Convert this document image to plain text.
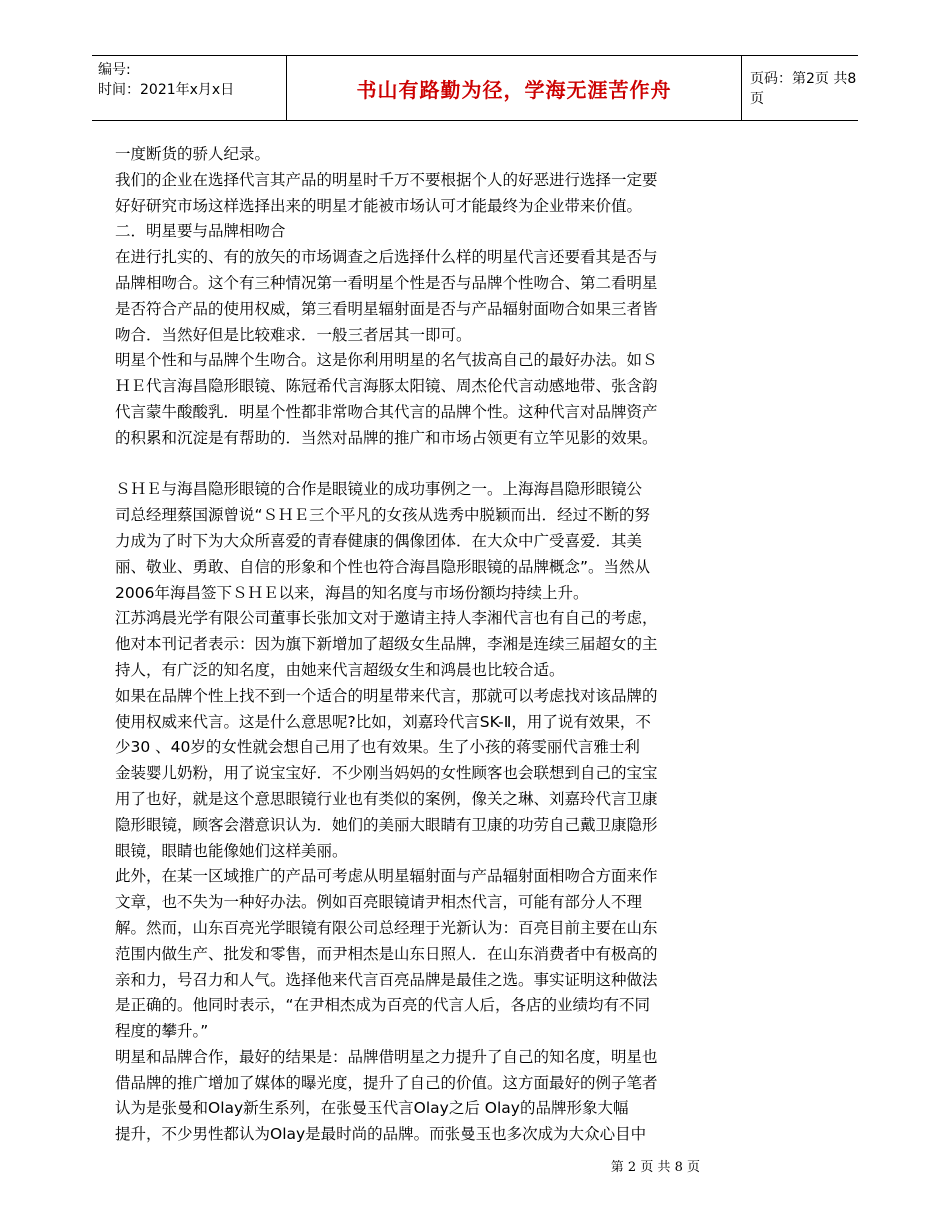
编号:
时间：2021年x月x日	书山有路勤为径，学海无涯苦作舟	页码：第2页 共8页

一度断货的骄人纪录。

我们的企业在选择代言其产品的明星时千万不要根据个人的好恶进行选择一定要

好好研究市场这样选择出来的明星才能被市场认可才能最终为企业带来价值。

二．明星要与品牌相吻合

在进行扎实的、有的放矢的市场调查之后选择什么样的明星代言还要看其是否与

品牌相吻合。这个有三种情况第一看明星个性是否与品牌个性吻合、第二看明星

是否符合产品的使用权威，第三看明星辐射面是否与产品辐射面吻合如果三者皆

吻合．当然好但是比较难求．一般三者居其一即可。

明星个性和与品牌个生吻合。这是你利用明星的名气拔高自己的最好办法。如Ｓ

ＨＥ代言海昌隐形眼镜、陈冠希代言海豚太阳镜、周杰伦代言动感地带、张含韵

代言蒙牛酸酸乳．明星个性都非常吻合其代言的品牌个性。这种代言对品牌资产

的积累和沉淀是有帮助的．当然对品牌的推广和市场占领更有立竿见影的效果。

ＳＨＥ与海昌隐形眼镜的合作是眼镜业的成功事例之一。上海海昌隐形眼镜公

司总经理蔡国源曾说“ＳＨＥ三个平凡的女孩从选秀中脱颖而出．经过不断的努

力成为了时下为大众所喜爱的青春健康的偶像团体．在大众中广受喜爱．其美

丽、敬业、勇敢、自信的形象和个性也符合海昌隐形眼镜的品牌概念”。当然从

2006年海昌签下ＳＨＥ以来，海昌的知名度与市场份额均持续上升。

江苏鸿晨光学有限公司董事长张加文对于邀请主持人李湘代言也有自己的考虑，

他对本刊记者表示：因为旗下新增加了超级女生品牌，李湘是连续三届超女的主

持人，有广泛的知名度，由她来代言超级女生和鸿晨也比较合适。

如果在品牌个性上找不到一个适合的明星带来代言，那就可以考虑找对该品牌的

使用权威来代言。这是什么意思呢?比如，刘嘉玲代言SK-Ⅱ，用了说有效果，不

少30 、40岁的女性就会想自己用了也有效果。生了小孩的蒋雯丽代言雅士利

金装婴儿奶粉，用了说宝宝好．不少刚当妈妈的女性顾客也会联想到自己的宝宝

用了也好，就是这个意思眼镜行业也有类似的案例，像关之琳、刘嘉玲代言卫康

隐形眼镜，顾客会潜意识认为．她们的美丽大眼睛有卫康的功劳自己戴卫康隐形

眼镜，眼睛也能像她们这样美丽。

此外，在某一区域推广的产品可考虑从明星辐射面与产品辐射面相吻合方面来作

文章，也不失为一种好办法。例如百亮眼镜请尹相杰代言，可能有部分人不理

解。然而，山东百亮光学眼镜有限公司总经理于光新认为：百亮目前主要在山东

范围内做生产、批发和零售，而尹相杰是山东日照人．在山东消费者中有极高的

亲和力，号召力和人气。选择他来代言百亮品牌是最佳之选。事实证明这种做法

是正确的。他同时表示，“在尹相杰成为百亮的代言人后，各店的业绩均有不同

程度的攀升。”

明星和品牌合作，最好的结果是：品牌借明星之力提升了自己的知名度，明星也

借品牌的推广增加了媒体的曝光度，提升了自己的价值。这方面最好的例子笔者

认为是张曼和Olay新生系列，在张曼玉代言Olay之后 Olay的品牌形象大幅

提升，不少男性都认为Olay是最时尚的品牌。而张曼玉也多次成为大众心目中

第 2 页 共 8 页
